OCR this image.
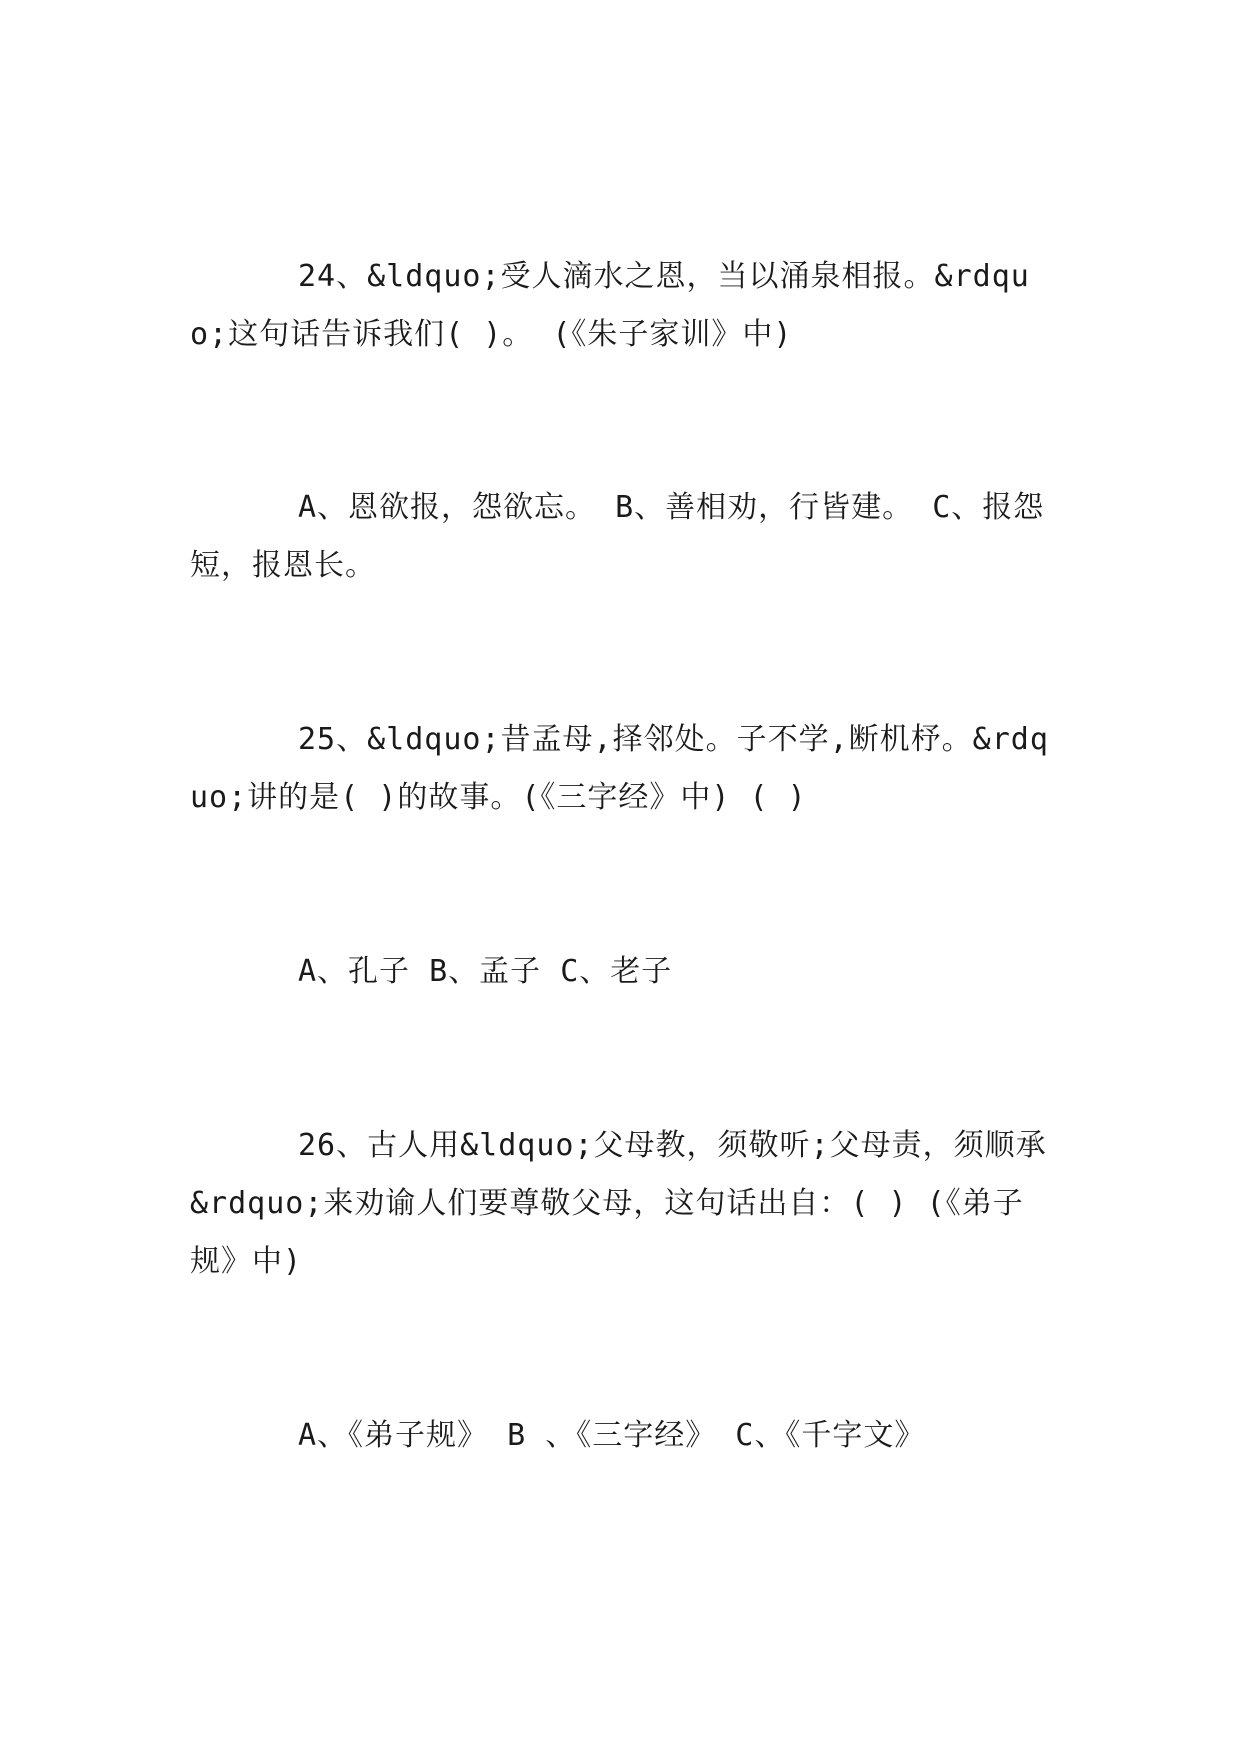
24、&ldquo;受人滴水之恩，当以涌泉相报。&rdquo;这句话告诉我们( )。 (《朱子家训》中)

A、恩欲报，怨欲忘。 B、善相劝，行皆建。 C、报怨短，报恩长。

25、&ldquo;昔孟母,择邻处。子不学,断机杼。&rdquo;讲的是( )的故事。(《三字经》中) ( )

A、孔子 B、孟子 C、老子

26、古人用&ldquo;父母教，须敬听;父母责，须顺承&rdquo;来劝谕人们要尊敬父母，这句话出自：( ) (《弟子规》中)

A、《弟子规》 B 、《三字经》 C、《千字文》
